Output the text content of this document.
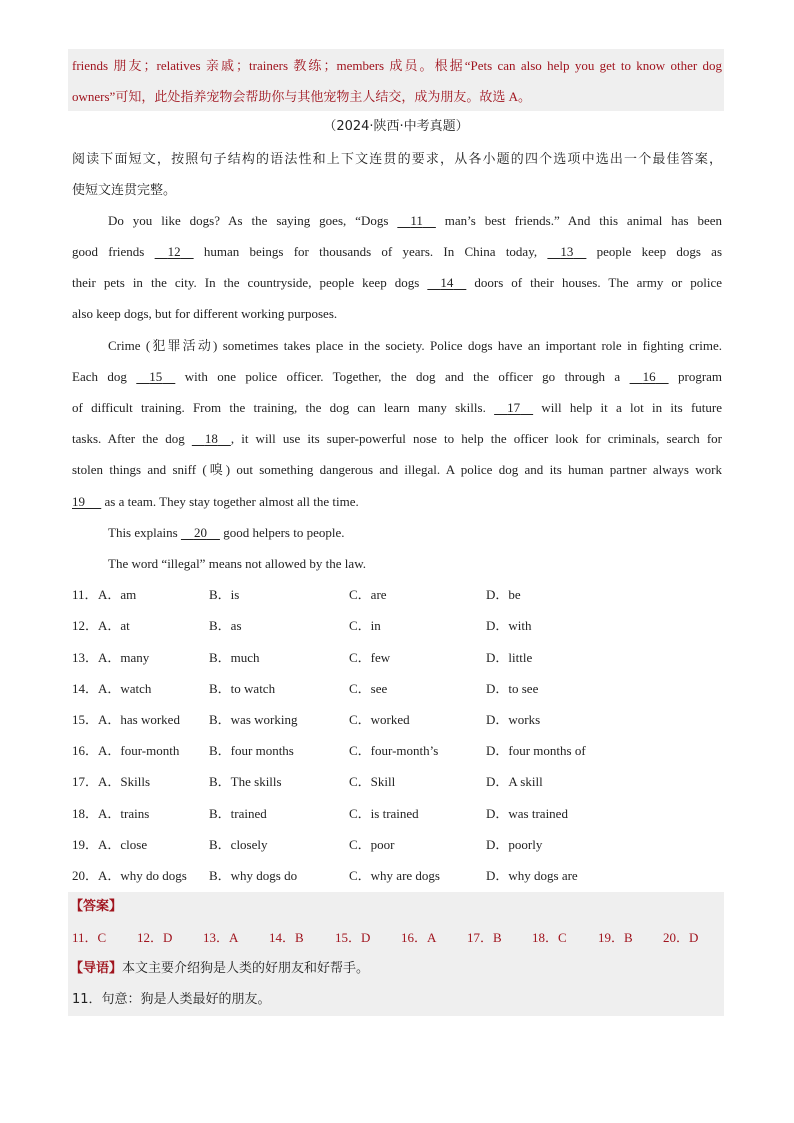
friends 朋友；relatives 亲戚；trainers 教练；members 成员。根据“Pets can also help you get to know other dog
owners”可知，此处指养宠物会帮助你与其他宠物主人结交，成为朋友。故选 A。
（2024·陕西·中考真题）
阅读下面短文，按照句子结构的语法性和上下文连贯的要求，从各小题的四个选项中选出一个最佳答案，
使短文连贯完整。
Do you like dogs? As the saying goes, “Dogs 11 man’s best friends.” And this animal has been
good friends 12 human beings for thousands of years. In China today, 13 people keep dogs as
their pets in the city. In the countryside, people keep dogs 14 doors of their houses. The army or police
also keep dogs, but for different working purposes.
Crime (犯罪活动) sometimes takes place in the society. Police dogs have an important role in fighting crime.
Each dog 15 with one police officer. Together, the dog and the officer go through a 16 program
of difficult training. From the training, the dog can learn many skills. 17 will help it a lot in its future
tasks. After the dog 18 , it will use its super-powerful nose to help the officer look for criminals, search for
stolen things and sniff (嗅) out something dangerous and illegal. A police dog and its human partner always work
19 as a team. They stay together almost all the time.
This explains 20 good helpers to people.
The word “illegal” means not allowed by the law.
11． A．am	B．is	C．are	D．be
12． A．at	B．as	C．in	D．with
13． A．many	B．much	C．few	D．little
14． A．watch	B．to watch	C．see	D．to see
15． A．has worked B．was working	C．worked	D．works
16． A．four-month B．four months	C．four-month’s	D．four months of
17． A．Skills	B．The skills	C．Skill	D．A skill
18． A．trains	B．trained	C．is trained	D．was trained
19． A．close	B．closely	C．poor	D．poorly
20． A．why do dogs B．why dogs do	C．why are dogs	D．why dogs are
【答案】
11．C 12．D 13．A 14．B 15．D 16．A 17．B 18．C 19．B 20．D
【导语】本文主要介绍狗是人类的好朋友和好帮手。
11．句意：狗是人类最好的朋友。
